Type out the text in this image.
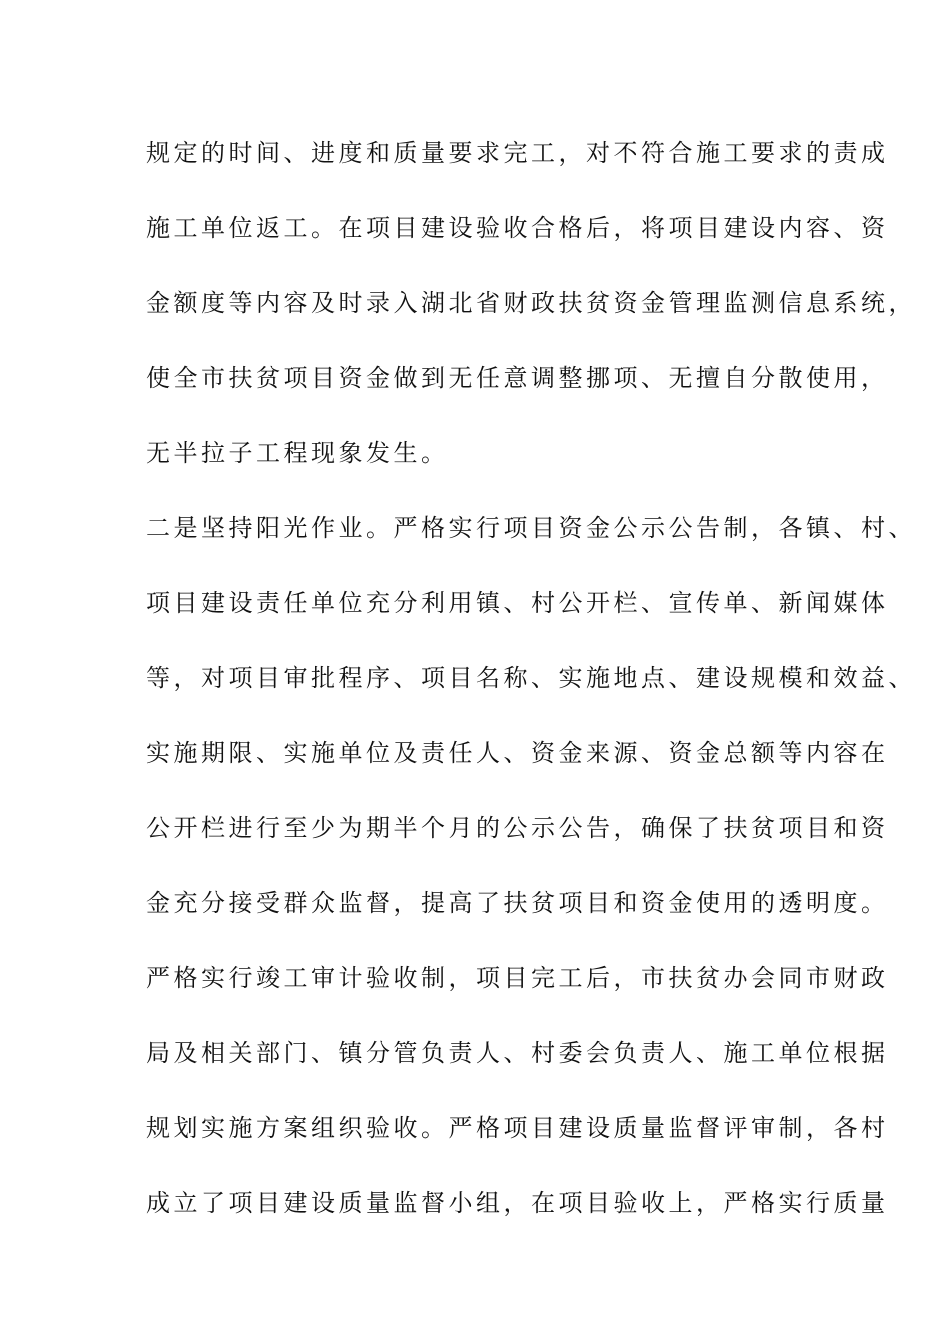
规定的时间、进度和质量要求完工，对不符合施工要求的责成
施工单位返工。在项目建设验收合格后，将项目建设内容、资
金额度等内容及时录入湖北省财政扶贫资金管理监测信息系统，
使全市扶贫项目资金做到无任意调整挪项、无擅自分散使用，
无半拉子工程现象发生。
二是坚持阳光作业。严格实行项目资金公示公告制，各镇、村、
项目建设责任单位充分利用镇、村公开栏、宣传单、新闻媒体
等，对项目审批程序、项目名称、实施地点、建设规模和效益、
实施期限、实施单位及责任人、资金来源、资金总额等内容在
公开栏进行至少为期半个月的公示公告，确保了扶贫项目和资
金充分接受群众监督，提高了扶贫项目和资金使用的透明度。
严格实行竣工审计验收制，项目完工后，市扶贫办会同市财政
局及相关部门、镇分管负责人、村委会负责人、施工单位根据
规划实施方案组织验收。严格项目建设质量监督评审制，各村
成立了项目建设质量监督小组，在项目验收上，严格实行质量
